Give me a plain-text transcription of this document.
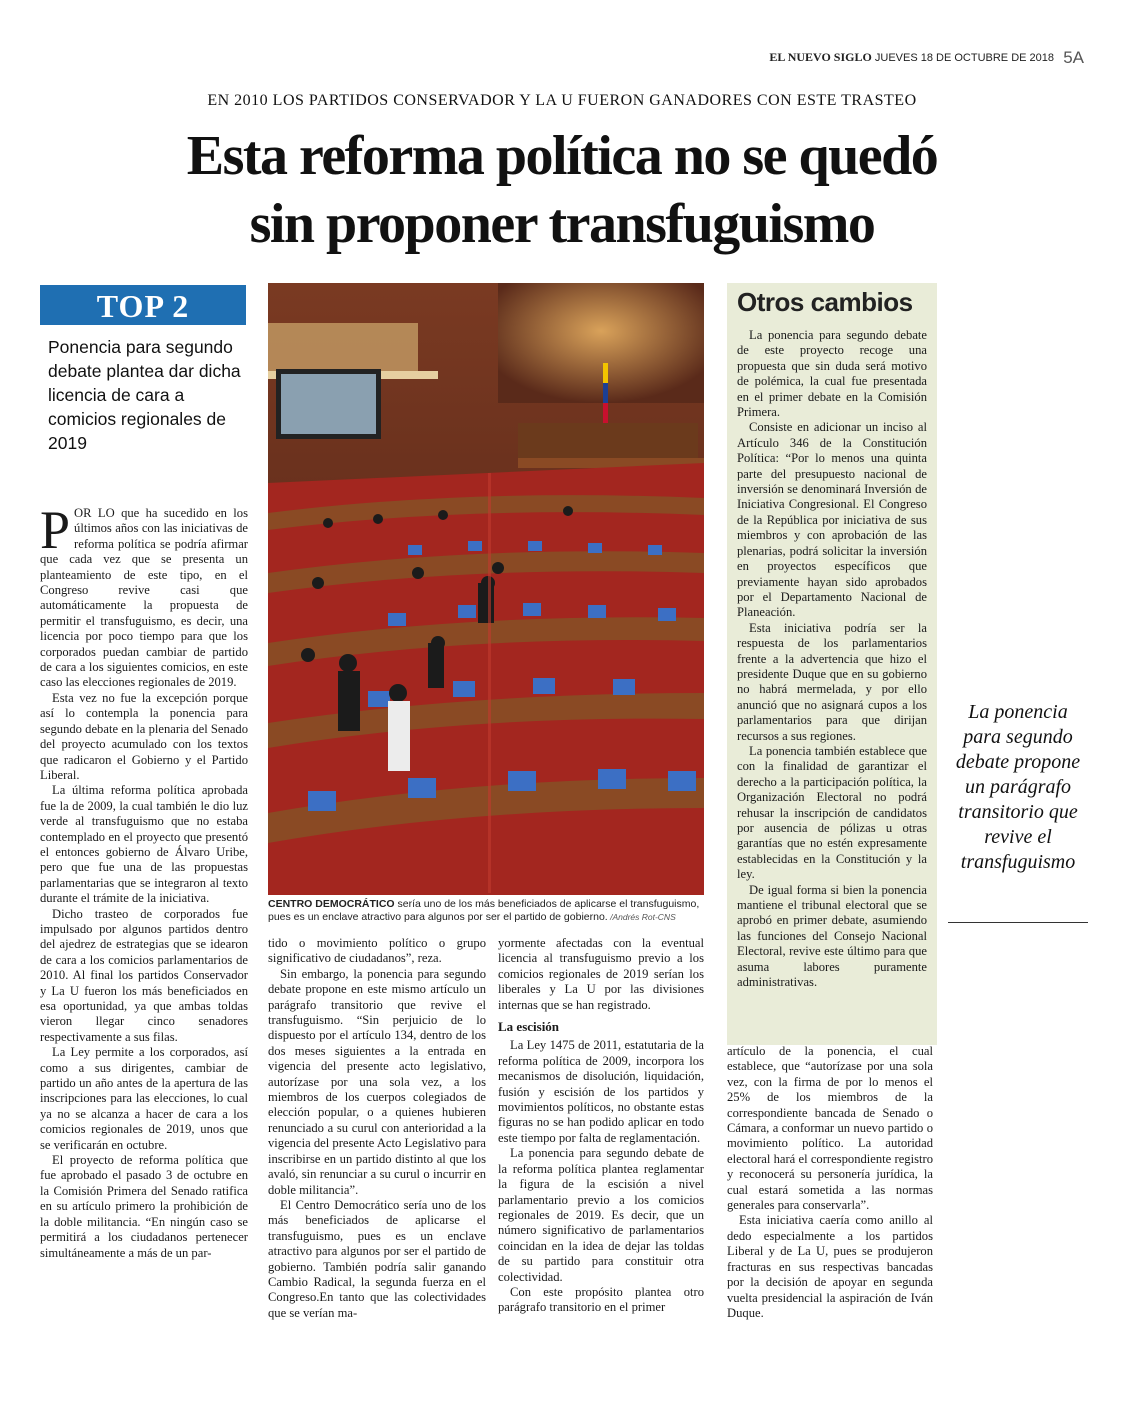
EL NUEVO SIGLO JUEVES 18 DE OCTUBRE DE 2018 5A
EN 2010 LOS PARTIDOS CONSERVADOR Y LA U FUERON GANADORES CON ESTE TRASTEO
Esta reforma política no se quedó
sin proponer transfuguismo
TOP 2
Ponencia para segundo debate plantea dar dicha licencia de cara a comicios regionales de 2019

POR LO que ha sucedido en los últimos años con las iniciativas de reforma política se podría afirmar que cada vez que se presenta un planteamiento de este tipo, en el Congreso revive casi que automáticamente la propuesta de permitir el transfuguismo, es decir, una licencia por poco tiempo para que los corporados puedan cambiar de partido de cara a los siguientes comicios, en este caso las elecciones regionales de 2019.

Esta vez no fue la excepción porque así lo contempla la ponencia para segundo debate en la plenaria del Senado del proyecto acumulado con los textos que radicaron el Gobierno y el Partido Liberal.

La última reforma política aprobada fue la de 2009, la cual también le dio luz verde al transfuguismo que no estaba contemplado en el proyecto que presentó el entonces gobierno de Álvaro Uribe, pero que fue una de las propuestas parlamentarias que se integraron al texto durante el trámite de la iniciativa.

Dicho trasteo de corporados fue impulsado por algunos partidos dentro del ajedrez de estrategias que se idearon de cara a los comicios parlamentarios de 2010. Al final los partidos Conservador y La U fueron los más beneficiados en esa oportunidad, ya que ambas toldas vieron llegar cinco senadores respectivamente a sus filas.

La Ley permite a los corporados, así como a sus dirigentes, cambiar de partido un año antes de la apertura de las inscripciones para las elecciones, lo cual ya no se alcanza a hacer de cara a los comicios regionales de 2019, unos que se verificarán en octubre.

El proyecto de reforma política que fue aprobado el pasado 3 de octubre en la Comisión Primera del Senado ratifica en su artículo primero la prohibición de la doble militancia. “En ningún caso se permitirá a los ciudadanos pertenecer simultáneamente a más de un par-

CENTRO DEMOCRÁTICO sería uno de los más beneficiados de aplicarse el transfuguismo, pues es un enclave atractivo para algunos por ser el partido de gobierno. /Andrés Rot-CNS

tido o movimiento político o grupo significativo de ciudadanos”, reza.

Sin embargo, la ponencia para segundo debate propone en este mismo artículo un parágrafo transitorio que revive el transfuguismo. “Sin perjuicio de lo dispuesto por el artículo 134, dentro de los dos meses siguientes a la entrada en vigencia del presente acto legislativo, autorízase por una sola vez, a los miembros de los cuerpos colegiados de elección popular, o a quienes hubieren renunciado a su curul con anterioridad a la vigencia del presente Acto Legislativo para inscribirse en un partido distinto al que los avaló, sin renunciar a su curul o incurrir en doble militancia”.

El Centro Democrático sería uno de los más beneficiados de aplicarse el transfuguismo, pues es un enclave atractivo para algunos por ser el partido de gobierno. También podría salir ganando Cambio Radical, la segunda fuerza en el Congreso.En tanto que las colectividades que se verían ma-

yormente afectadas con la eventual licencia al transfuguismo previo a los comicios regionales de 2019 serían los liberales y La U por las divisiones internas que se han registrado.

La escisión

La Ley 1475 de 2011, estatutaria de la reforma política de 2009, incorpora los mecanismos de disolución, liquidación, fusión y escisión de los partidos y movimientos políticos, no obstante estas figuras no se han podido aplicar en todo este tiempo por falta de reglamentación.

La ponencia para segundo debate de la reforma política plantea reglamentar la figura de la escisión a nivel parlamentario previo a los comicios regionales de 2019. Es decir, que un número significativo de parlamentarios coincidan en la idea de dejar las toldas de su partido para constituir otra colectividad.

Con este propósito plantea otro parágrafo transitorio en el primer

Otros cambios

La ponencia para segundo debate de este proyecto recoge una propuesta que sin duda será motivo de polémica, la cual fue presentada en el primer debate en la Comisión Primera.

Consiste en adicionar un inciso al Artículo 346 de la Constitución Política: “Por lo menos una quinta parte del presupuesto nacional de inversión se denominará Inversión de Iniciativa Congresional. El Congreso de la República por iniciativa de sus miembros y con aprobación de las plenarias, podrá solicitar la inversión en proyectos específicos que previamente hayan sido aprobados por el Departamento Nacional de Planeación.

Esta iniciativa podría ser la respuesta de los parlamentarios frente a la advertencia que hizo el presidente Duque que en su gobierno no habrá mermelada, y por ello anunció que no asignará cupos a los parlamentarios para que dirijan recursos a sus regiones.

La ponencia también establece que con la finalidad de garantizar el derecho a la participación política, la Organización Electoral no podrá rehusar la inscripción de candidatos por ausencia de pólizas u otras garantías que no estén expresamente establecidas en la Constitución y la ley.

De igual forma si bien la ponencia mantiene el tribunal electoral que se aprobó en primer debate, asumiendo las funciones del Consejo Nacional Electoral, revive este último para que asuma labores puramente administrativas.

artículo de la ponencia, el cual establece, que “autorízase por una sola vez, con la firma de por lo menos el 25% de los miembros de la correspondiente bancada de Senado o Cámara, a conformar un nuevo partido o movimiento político. La autoridad electoral hará el correspondiente registro y reconocerá su personería jurídica, la cual estará sometida a las normas generales para conservarla”.

Esta iniciativa caería como anillo al dedo especialmente a los partidos Liberal y de La U, pues se produjeron fracturas en sus respectivas bancadas por la decisión de apoyar en segunda vuelta presidencial la aspiración de Iván Duque.

La ponencia para segundo debate propone un parágrafo transitorio que revive el transfuguismo
